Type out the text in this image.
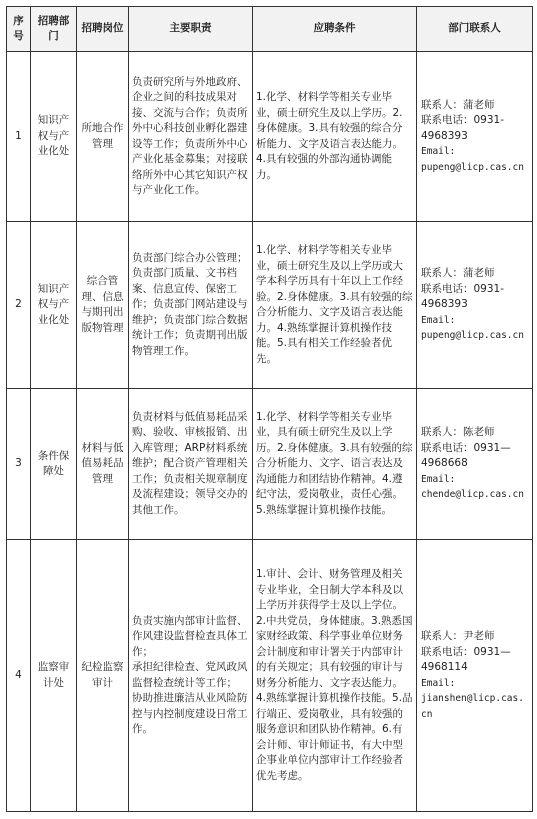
序号	招聘部门	招聘岗位	主要职责	应聘条件	部门联系人
1	知识产权与产业化处	所地合作管理	负责研究所与外地政府、企业之间的科技成果对接、交流与合作；负责所外中心科技创业孵化器建设等工作；负责所外中心产业化基金募集；对接联络所外中心其它知识产权与产业化工作。	1.化学、材料学等相关专业毕业，硕士研究生及以上学历。2.身体健康。3.具有较强的综合分析能力、文字及语言表达能力。4.具有较强的外部沟通协调能力。	联系人：蒲老师
联系电话：0931-4968393
Email:
pupeng@licp.cas.cn

2	知识产权与产业化处	综合管理、信息与期刊出版物管理	负责部门综合办公管理；负责部门质量、文书档案、信息宣传、保密工作；负责部门网站建设与维护；负责部门综合数据统计工作；负责期刊出版物管理工作。	1.化学、材料学等相关专业毕业，硕士研究生及以上学历或大学本科学历具有十年以上工作经验。2.身体健康。3.具有较强的综合分析能力、文字及语言表达能力。4.熟练掌握计算机操作技能。5.具有相关工作经验者优先。	联系人：蒲老师
联系电话：0931-4968393
Email:
pupeng@licp.cas.cn

3	条件保障处	材料与低值易耗品管理	负责材料与低值易耗品采购、验收、审核报销、出入库管理；ARP材料系统维护；配合资产管理相关工作；负责相关规章制度及流程建设；领导交办的其他工作。	1.化学、材料学等相关专业毕业，具有硕士研究生及以上学历。2.身体健康。3.具有较强的综合分析能力、文字、语言表达及沟通能力和团结协作精神。4.遵纪守法，爱岗敬业，责任心强。5.熟练掌握计算机操作技能。	联系人：陈老师
联系电话：0931—4968668
Email:
chende@licp.cas.cn

4	监察审计处	纪检监察审计	负责实施内部审计监督、作风建设监督检查具体工作；
承担纪律检查、党风政风监督检查统计等工作；
协助推进廉洁从业风险防控与内控制度建设日常工作。	1.审计、会计、财务管理及相关专业毕业，全日制大学本科及以上学历并获得学士及以上学位。2.中共党员，身体健康。3.熟悉国家财经政策、科学事业单位财务会计制度和审计署关于内部审计的有关规定；具有较强的审计与财务分析能力、文字表达能力。4.熟练掌握计算机操作技能。5.品行端正、爱岗敬业，具有较强的服务意识和团队协作精神。6.有会计师、审计师证书，有大中型企事业单位内部审计工作经验者优先考虑。	联系人：尹老师
联系电话：0931—4968114
Email:
jianshen@licp.cas.cn
